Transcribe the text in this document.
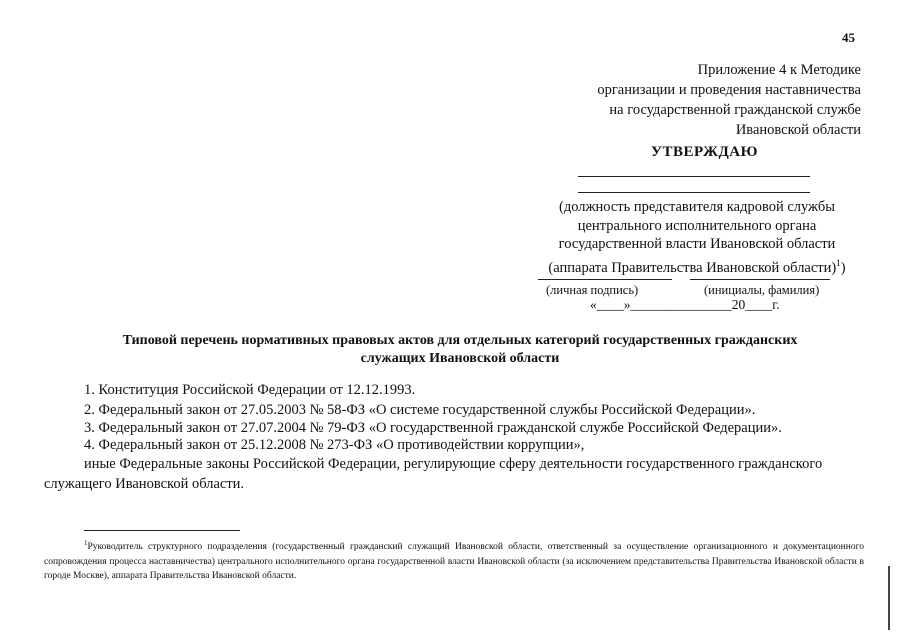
45
Приложение 4 к Методике
организации и проведения наставничества
на государственной гражданской службе
Ивановской области
УТВЕРЖДАЮ
(должность представителя кадровой службы центрального исполнительного органа государственной власти Ивановской области (аппарата Правительства Ивановской области)$^1$)
(личная подпись)	(инициалы, фамилия)
«____»_______________20____г.
Типовой перечень нормативных правовых актов для отдельных категорий государственных гражданских служащих Ивановской области
1. Конституция Российской Федерации от 12.12.1993.
2. Федеральный закон от 27.05.2003 № 58-ФЗ «О системе государственной службы Российской Федерации».
3. Федеральный закон от 27.07.2004 № 79-ФЗ «О государственной гражданской службе Российской Федерации».
4. Федеральный закон от 25.12.2008 № 273-ФЗ «О противодействии коррупции»,
иные Федеральные законы Российской Федерации, регулирующие сферу деятельности государственного гражданского служащего Ивановской области.
$^1$Руководитель структурного подразделения (государственный гражданский служащий Ивановской области, ответственный за осуществление организационного и документационного сопровождения процесса наставничества) центрального исполнительного органа государственной власти Ивановской области (за исключением представительства Правительства Ивановской области в городе Москве), аппарата Правительства Ивановской области.
